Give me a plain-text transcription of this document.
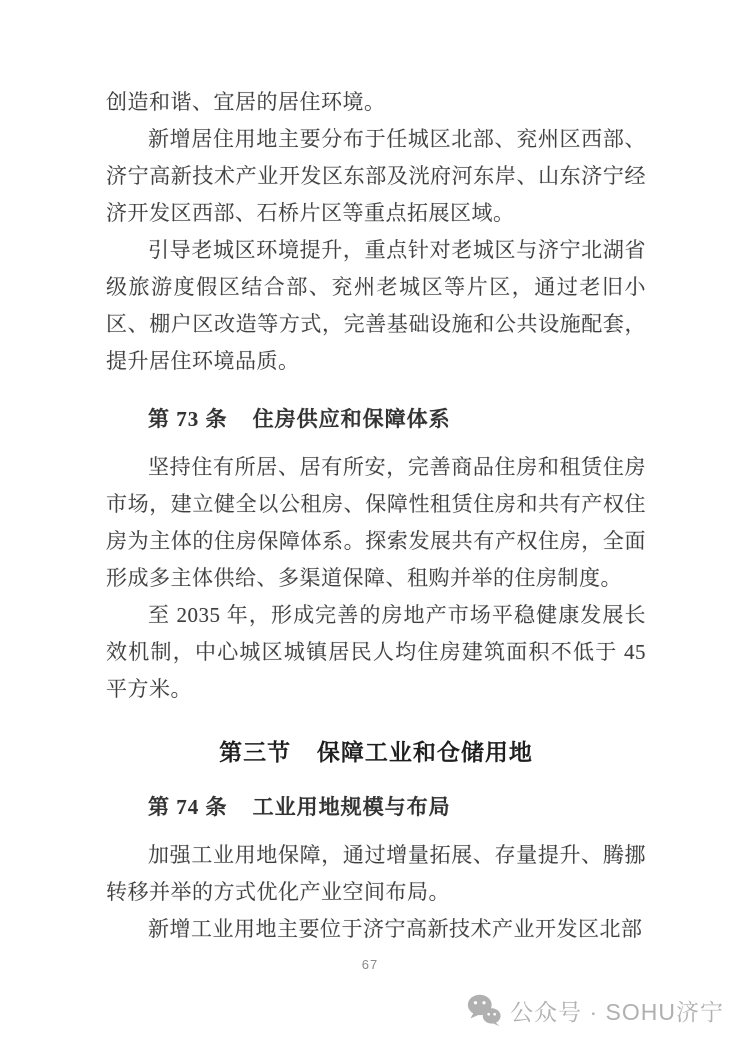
创造和谐、宜居的居住环境。

新增居住用地主要分布于任城区北部、兖州区西部、济宁高新技术产业开发区东部及洸府河东岸、山东济宁经济开发区西部、石桥片区等重点拓展区域。

引导老城区环境提升，重点针对老城区与济宁北湖省级旅游度假区结合部、兖州老城区等片区，通过老旧小区、棚户区改造等方式，完善基础设施和公共设施配套，提升居住环境品质。

第 73 条 住房供应和保障体系

坚持住有所居、居有所安，完善商品住房和租赁住房市场，建立健全以公租房、保障性租赁住房和共有产权住房为主体的住房保障体系。探索发展共有产权住房，全面形成多主体供给、多渠道保障、租购并举的住房制度。

至 2035 年，形成完善的房地产市场平稳健康发展长效机制，中心城区城镇居民人均住房建筑面积不低于 45 平方米。

第三节 保障工业和仓储用地
第 74 条 工业用地规模与布局

加强工业用地保障，通过增量拓展、存量提升、腾挪转移并举的方式优化产业空间布局。

新增工业用地主要位于济宁高新技术产业开发区北部

67
公众号 · SOHU济宁
